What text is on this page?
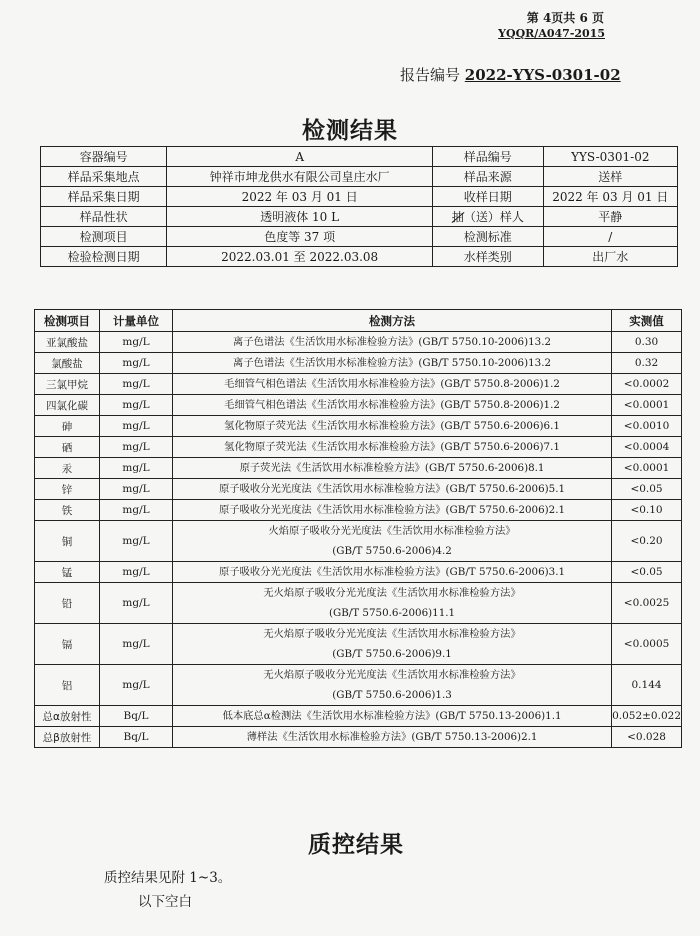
第 4页共 6 页
YQQR/A047-2015
报告编号 2022-YYS-0301-02
检测结果
容器编号	A	样品编号	YYS-0301-02
样品采集地点	钟祥市坤龙供水有限公司皇庄水厂	样品来源	送样
样品采集日期	2022 年 03 月 01 日	收样日期	2022 年 03 月 01 日
样品性状	透明液体 10 L	抽（送）样人	平静
检测项目	色度等 37 项	检测标准	/
检验检测日期	2022.03.01 至 2022.03.08	水样类别	出厂水
检测项目	计量单位	检测方法	实测值
亚氯酸盐	mg/L	离子色谱法《生活饮用水标准检验方法》(GB/T 5750.10-2006)13.2	0.30
氯酸盐	mg/L	离子色谱法《生活饮用水标准检验方法》(GB/T 5750.10-2006)13.2	0.32
三氯甲烷	mg/L	毛细管气相色谱法《生活饮用水标准检验方法》(GB/T 5750.8-2006)1.2	<0.0002
四氯化碳	mg/L	毛细管气相色谱法《生活饮用水标准检验方法》(GB/T 5750.8-2006)1.2	<0.0001
砷	mg/L	氢化物原子荧光法《生活饮用水标准检验方法》(GB/T 5750.6-2006)6.1	<0.0010
硒	mg/L	氢化物原子荧光法《生活饮用水标准检验方法》(GB/T 5750.6-2006)7.1	<0.0004
汞	mg/L	原子荧光法《生活饮用水标准检验方法》(GB/T 5750.6-2006)8.1	<0.0001
锌	mg/L	原子吸收分光光度法《生活饮用水标准检验方法》(GB/T 5750.6-2006)5.1	<0.05
铁	mg/L	原子吸收分光光度法《生活饮用水标准检验方法》(GB/T 5750.6-2006)2.1	<0.10
铜	mg/L	火焰原子吸收分光光度法《生活饮用水标准检验方法》
(GB/T 5750.6-2006)4.2	<0.20
锰	mg/L	原子吸收分光光度法《生活饮用水标准检验方法》(GB/T 5750.6-2006)3.1	<0.05
铅	mg/L	无火焰原子吸收分光光度法《生活饮用水标准检验方法》
(GB/T 5750.6-2006)11.1	<0.0025
镉	mg/L	无火焰原子吸收分光光度法《生活饮用水标准检验方法》
(GB/T 5750.6-2006)9.1	<0.0005
铝	mg/L	无火焰原子吸收分光光度法《生活饮用水标准检验方法》
(GB/T 5750.6-2006)1.3	0.144
总α放射性	Bq/L	低本底总α检测法《生活饮用水标准检验方法》(GB/T 5750.13-2006)1.1	0.052±0.022
总β放射性	Bq/L	薄样法《生活饮用水标准检验方法》(GB/T 5750.13-2006)2.1	<0.028
质控结果
质控结果见附 1~3。
以下空白
